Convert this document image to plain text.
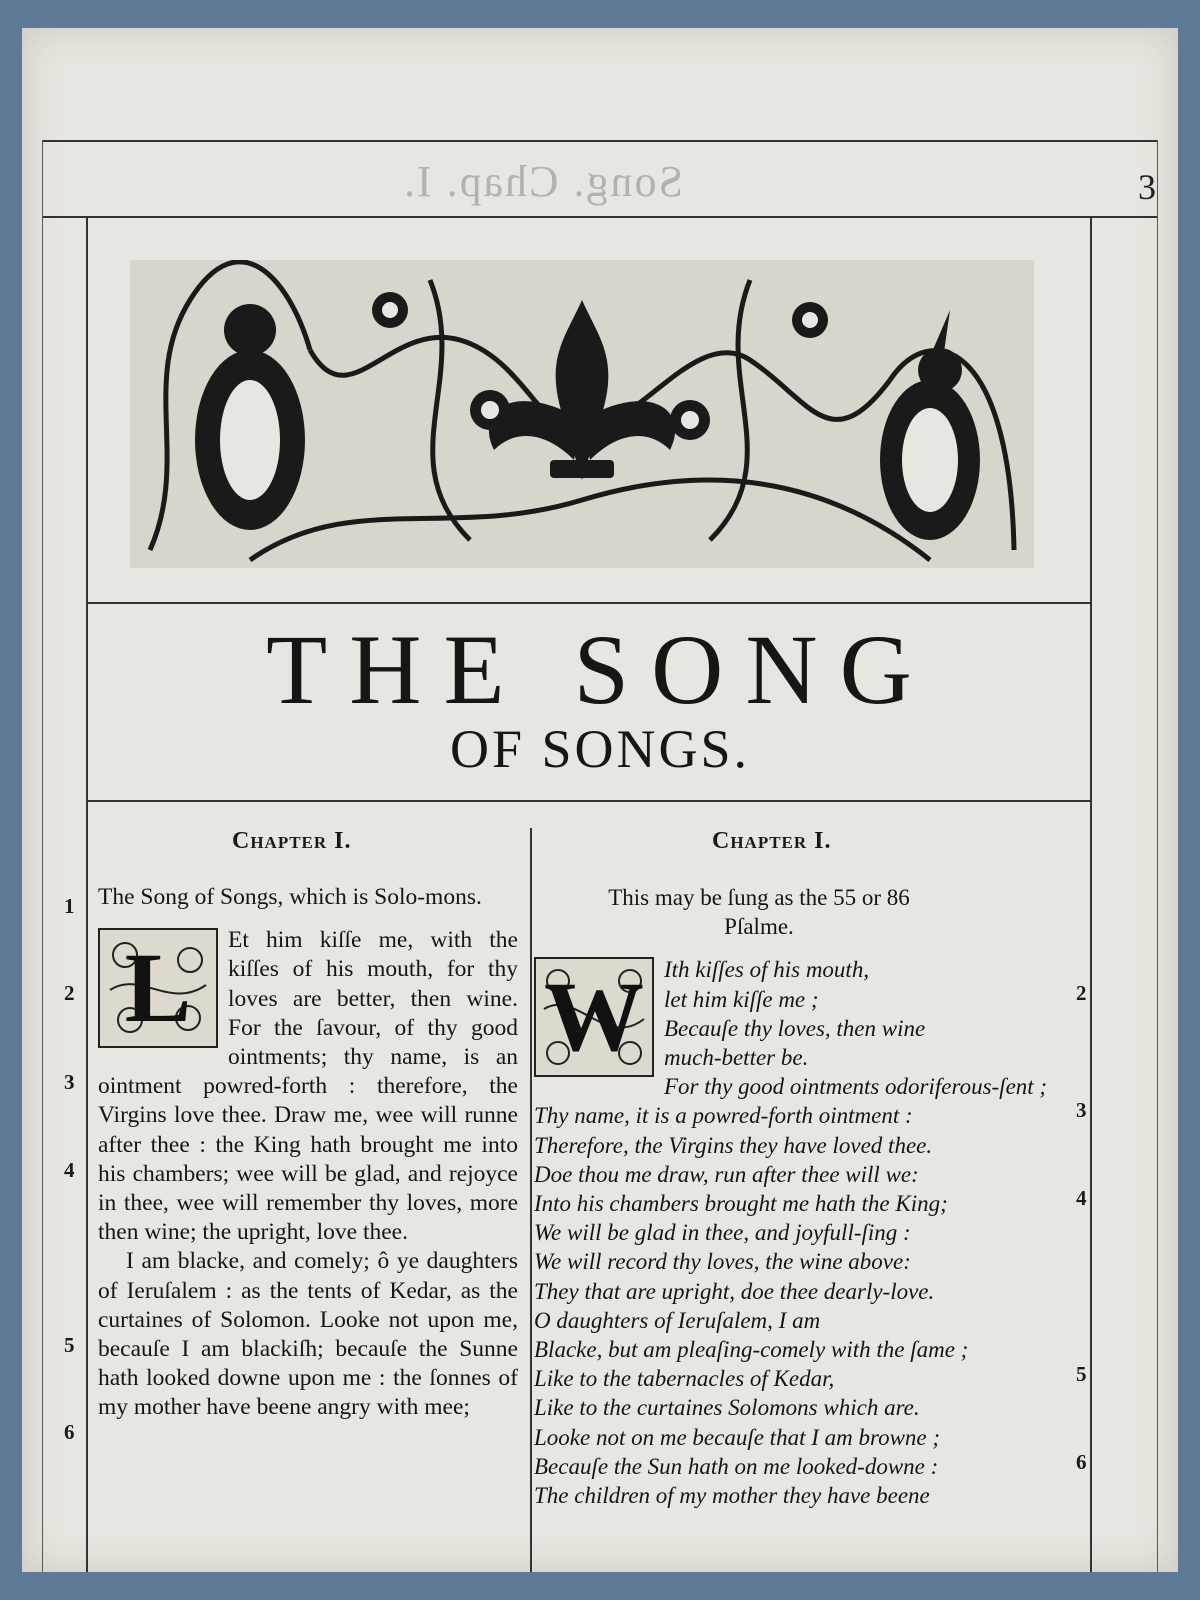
Song. Chap. I.	3
THE SONG
OF SONGS.
Chapter I.	Chapter I.
1
2
3
4
5
6
2
3
4
5
6

The Song of Songs, which is Solo-mons.

L	Et him kiſſe me, with the kiſſes of his mouth, for thy loves are better, then wine. For the ſavour, of thy good ointments; thy name, is an ointment powred-forth : therefore, the Virgins love thee. Draw me, wee will runne after thee : the King hath brought me into his chambers; wee will be glad, and rejoyce in thee, wee will remember thy loves, more then wine; the upright, love thee.

I am blacke, and comely; ô ye daughters of Ieruſalem : as the tents of Kedar, as the curtaines of Solomon. Looke not upon me, becauſe I am blackiſh; becauſe the Sunne hath looked downe upon me : the ſonnes of my mother have beene angry with mee;

This may be ſung as the 55 or 86 Pſalme.

W Ith kiſſes of his mouth,
let him kiſſe me ;
Becauſe thy loves, then wine
much-better be.
For thy good ointments odoriferous-ſent ;
Thy name, it is a powred-forth ointment :
Therefore, the Virgins they have loved thee.
Doe thou me draw, run after thee will we:
Into his chambers brought me hath the King;
We will be glad in thee, and joyfull-ſing :
We will record thy loves, the wine above:
They that are upright, doe thee dearly-love.
O daughters of Ieruſalem, I am
Blacke, but am pleaſing-comely with the ſame ;
Like to the tabernacles of Kedar,
Like to the curtaines Solomons which are.
Looke not on me becauſe that I am browne ;
Becauſe the Sun hath on me looked-downe :
The children of my mother they have beene
